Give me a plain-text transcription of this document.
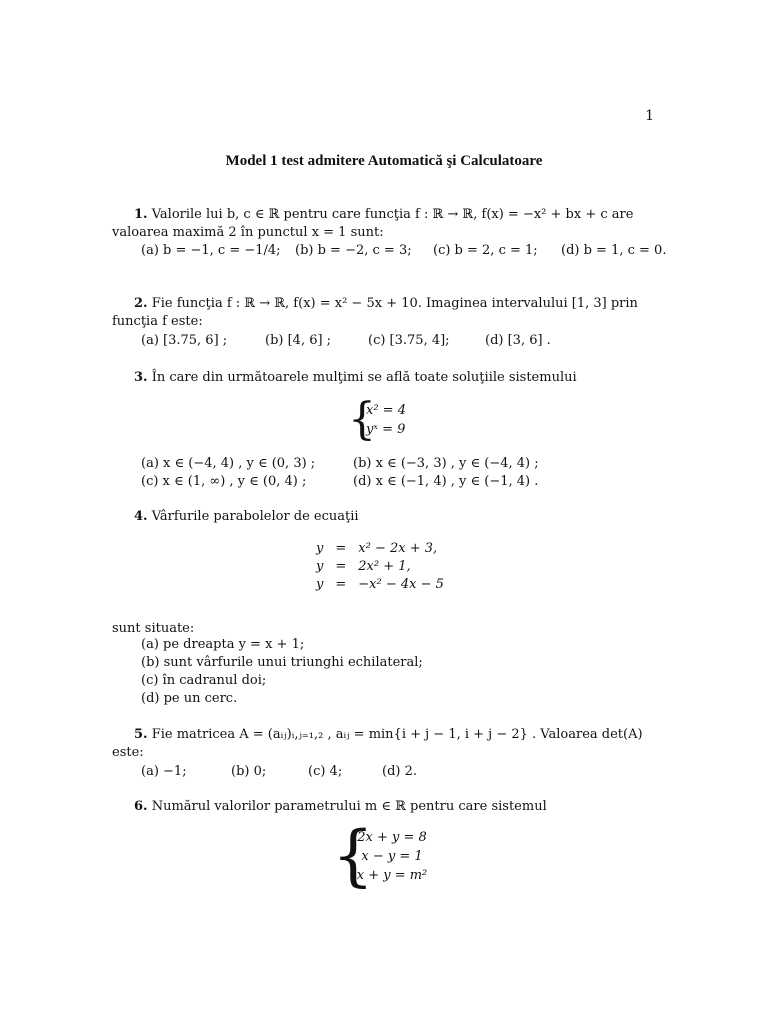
1
Model 1 test admitere Automatică şi Calculatoare
1. Valorile lui b, c ∈ ℝ pentru care funcţia f : ℝ → ℝ, f(x) = −x² + bx + c are
valoarea maximă 2 în punctul x = 1 sunt:
(a) b = −1, c = −1/4; (b) b = −2, c = 3; (c) b = 2, c = 1; (d) b = 1, c = 0.
2. Fie funcţia f : ℝ → ℝ, f(x) = x² − 5x + 10. Imaginea intervalului [1, 3] prin
funcţia f este:
(a) [3.75, 6] ;	(b) [4, 6] ;	(c) [3.75, 4];	(d) [3, 6] .
3. În care din următoarele mulţimi se află toate soluţiile sistemului
{
x² = 4
yˣ = 9
(a) x ∈ (−4, 4) , y ∈ (0, 3) ;	(b) x ∈ (−3, 3) , y ∈ (−4, 4) ;
(c) x ∈ (1, ∞) , y ∈ (0, 4) ;	(d) x ∈ (−1, 4) , y ∈ (−1, 4) .
4. Vârfurile parabolelor de ecuaţii
y	=	x² − 2x + 3,
y	=	2x² + 1,
y	=	−x² − 4x − 5
sunt situate:
(a) pe dreapta y = x + 1;
(b) sunt vârfurile unui triunghi echilateral;
(c) în cadranul doi;
(d) pe un cerc.
5. Fie matricea A = (aᵢⱼ)ᵢ,ⱼ₌₁,₂ , aᵢⱼ = min{i + j − 1, i + j − 2} . Valoarea det(A)
este:
(a) −1;	(b) 0;	(c) 4;	(d) 2.
6. Numărul valorilor parametrului m ∈ ℝ pentru care sistemul
{
2x + y = 8
x − y = 1
x + y = m²
